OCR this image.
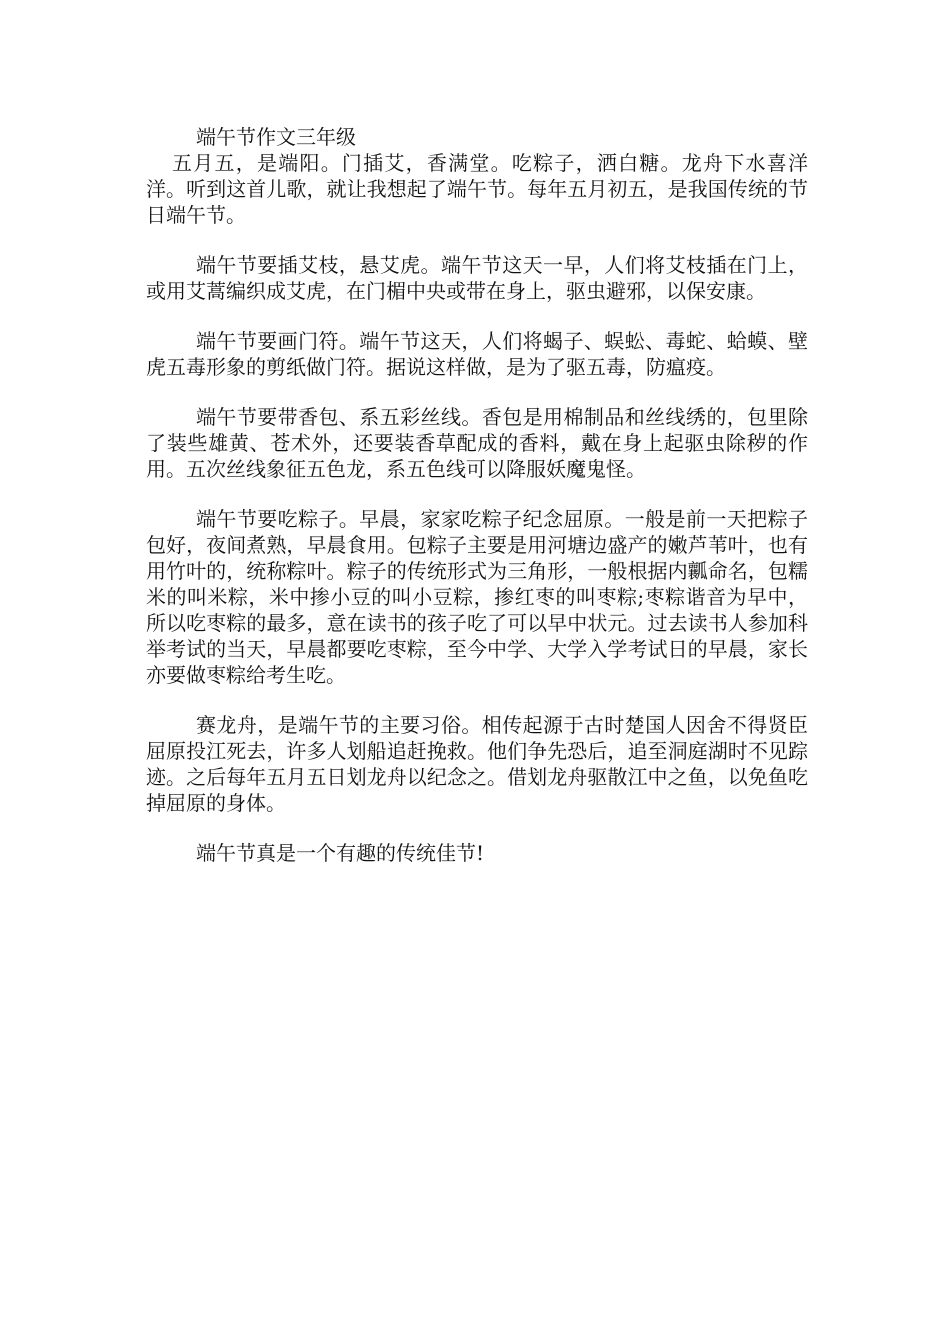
端午节作文三年级

五月五，是端阳。门插艾，香满堂。吃粽子，洒白糖。龙舟下水喜洋洋。听到这首儿歌，就让我想起了端午节。每年五月初五，是我国传统的节日端午节。

端午节要插艾枝，悬艾虎。端午节这天一早，人们将艾枝插在门上，或用艾蒿编织成艾虎，在门楣中央或带在身上，驱虫避邪，以保安康。

端午节要画门符。端午节这天，人们将蝎子、蜈蚣、毒蛇、蛤蟆、壁虎五毒形象的剪纸做门符。据说这样做，是为了驱五毒，防瘟疫。

端午节要带香包、系五彩丝线。香包是用棉制品和丝线绣的，包里除了装些雄黄、苍术外，还要装香草配成的香料，戴在身上起驱虫除秽的作用。五次丝线象征五色龙，系五色线可以降服妖魔鬼怪。

端午节要吃粽子。早晨，家家吃粽子纪念屈原。一般是前一天把粽子包好，夜间煮熟，早晨食用。包粽子主要是用河塘边盛产的嫩芦苇叶，也有用竹叶的，统称粽叶。粽子的传统形式为三角形，一般根据内瓤命名，包糯米的叫米粽，米中掺小豆的叫小豆粽，掺红枣的叫枣粽;枣粽谐音为早中，所以吃枣粽的最多，意在读书的孩子吃了可以早中状元。过去读书人参加科举考试的当天，早晨都要吃枣粽，至今中学、大学入学考试日的早晨，家长亦要做枣粽给考生吃。

赛龙舟，是端午节的主要习俗。相传起源于古时楚国人因舍不得贤臣屈原投江死去，许多人划船追赶挽救。他们争先恐后，追至洞庭湖时不见踪迹。之后每年五月五日划龙舟以纪念之。借划龙舟驱散江中之鱼，以免鱼吃掉屈原的身体。

端午节真是一个有趣的传统佳节!
